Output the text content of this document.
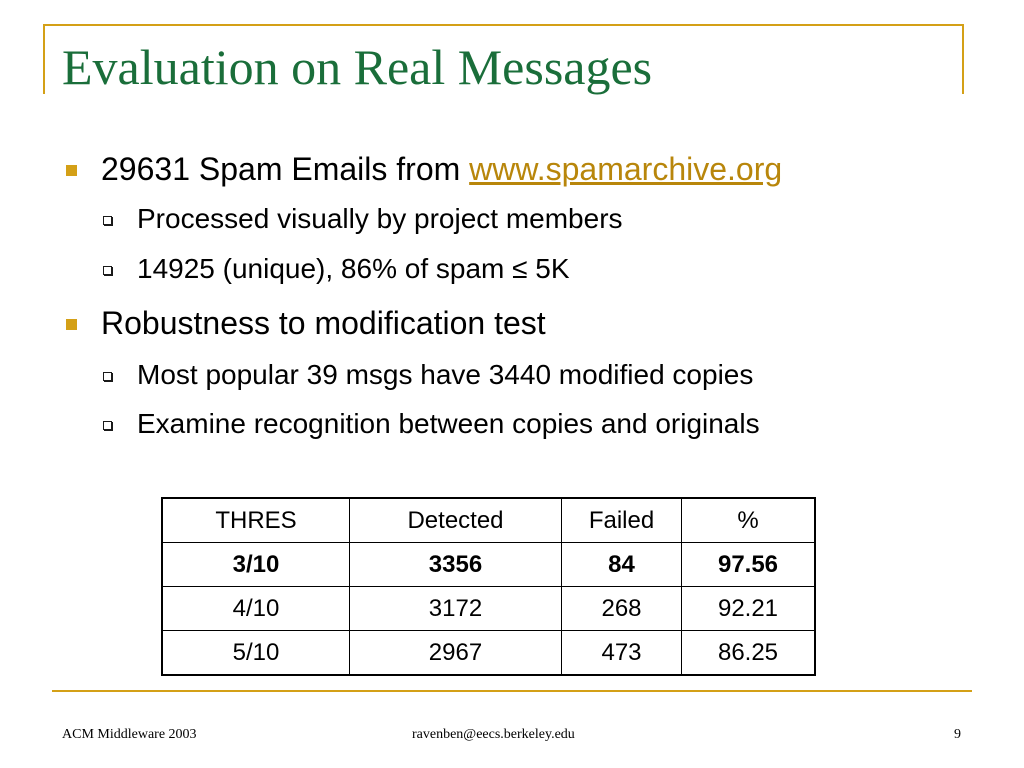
Evaluation on Real Messages
29631 Spam Emails from www.spamarchive.org
Processed visually by project members
14925 (unique), 86% of spam ≤ 5K
Robustness to modification test
Most popular 39 msgs have 3440 modified copies
Examine recognition between copies and originals
THRES	Detected	Failed	%
3/10	3356	84	97.56
4/10	3172	268	92.21
5/10	2967	473	86.25
ACM Middleware 2003	ravenben@eecs.berkeley.edu	9
